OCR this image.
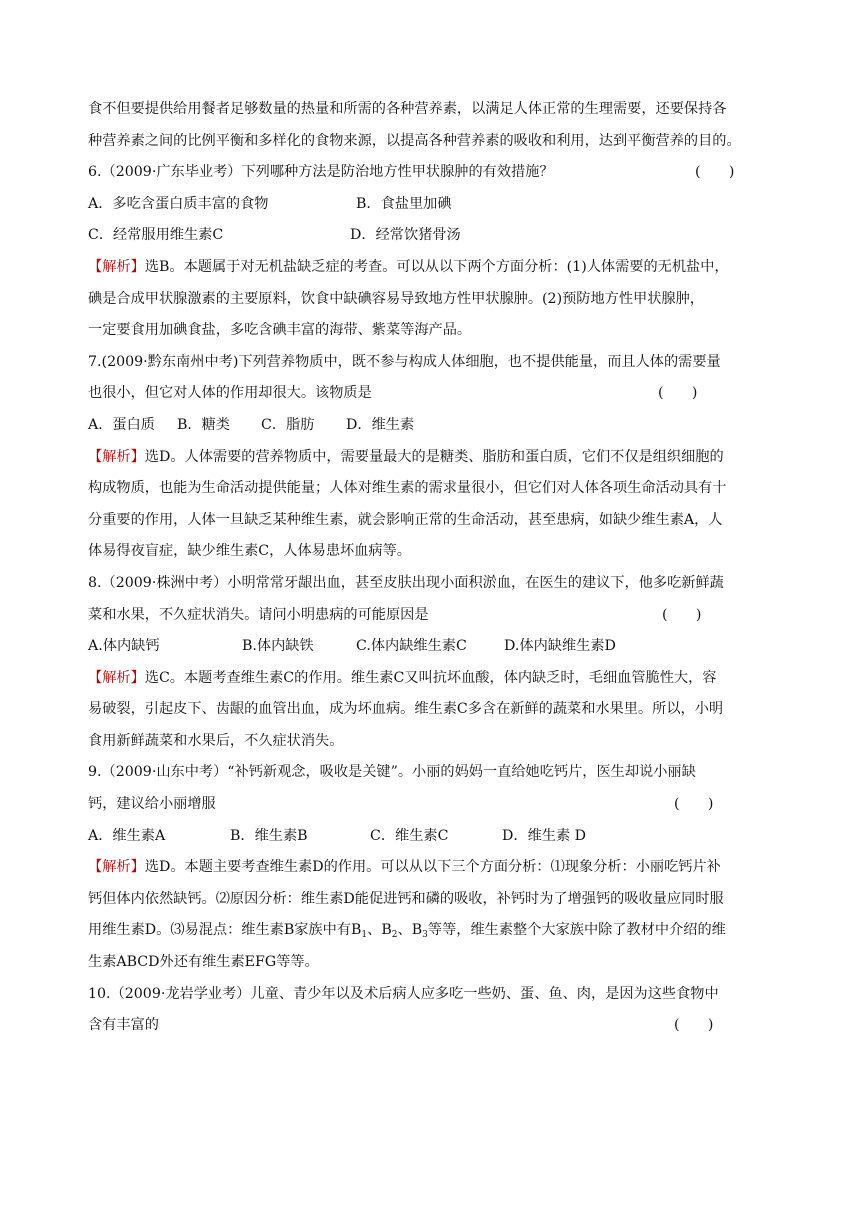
食不但要提供给用餐者足够数量的热量和所需的各种营养素，以满足人体正常的生理需要，还要保持各
种营养素之间的比例平衡和多样化的食物来源，以提高各种营养素的吸收和利用，达到平衡营养的目的。
6.（2009·广东毕业考）下列哪种方法是防治地方性甲状腺肿的有效措施？	(　　)
A．多吃含蛋白质丰富的食物	B．食盐里加碘
C．经常服用维生素C	D．经常饮猪骨汤
【解析】选B。本题属于对无机盐缺乏症的考查。可以从以下两个方面分析：(1)人体需要的无机盐中，
碘是合成甲状腺激素的主要原料，饮食中缺碘容易导致地方性甲状腺肿。(2)预防地方性甲状腺肿，
一定要食用加碘食盐，多吃含碘丰富的海带、紫菜等海产品。
7.(2009·黔东南州中考)下列营养物质中，既不参与构成人体细胞，也不提供能量，而且人体的需要量
也很小，但它对人体的作用却很大。该物质是	(　　)
A．蛋白质 B．糖类 C．脂肪 D．维生素
【解析】选D。人体需要的营养物质中，需要量最大的是糖类、脂肪和蛋白质，它们不仅是组织细胞的
构成物质，也能为生命活动提供能量；人体对维生素的需求量很小，但它们对人体各项生命活动具有十
分重要的作用，人体一旦缺乏某种维生素，就会影响正常的生命活动，甚至患病，如缺少维生素A，人
体易得夜盲症，缺少维生素C，人体易患坏血病等。
8.（2009·株洲中考）小明常常牙龈出血，甚至皮肤出现小面积淤血，在医生的建议下，他多吃新鲜蔬
菜和水果，不久症状消失。请问小明患病的可能原因是	(　　)
A.体内缺钙	B.体内缺铁	C.体内缺维生素C	D.体内缺维生素D
【解析】选C。本题考查维生素C的作用。维生素C又叫抗坏血酸，体内缺乏时，毛细血管脆性大，容
易破裂，引起皮下、齿龈的血管出血，成为坏血病。维生素C多含在新鲜的蔬菜和水果里。所以，小明
食用新鲜蔬菜和水果后，不久症状消失。
9.（2009·山东中考）“补钙新观念，吸收是关键”。小丽的妈妈一直给她吃钙片，医生却说小丽缺
钙，建议给小丽增服	(　　)
A．维生素A	B．维生素B	C．维生素C	D．维生素 D
【解析】选D。本题主要考查维生素D的作用。可以从以下三个方面分析：⑴现象分析：小丽吃钙片补
钙但体内依然缺钙。⑵原因分析：维生素D能促进钙和磷的吸收，补钙时为了增强钙的吸收量应同时服
用维生素D。⑶易混点：维生素B家族中有$B_1$、$B_2$、$B_3$等等，维生素整个大家族中除了教材中介绍的维
生素ABCD外还有维生素EFG等等。
10.（2009·龙岩学业考）儿童、青少年以及术后病人应多吃一些奶、蛋、鱼、肉，是因为这些食物中
含有丰富的	(　　)
